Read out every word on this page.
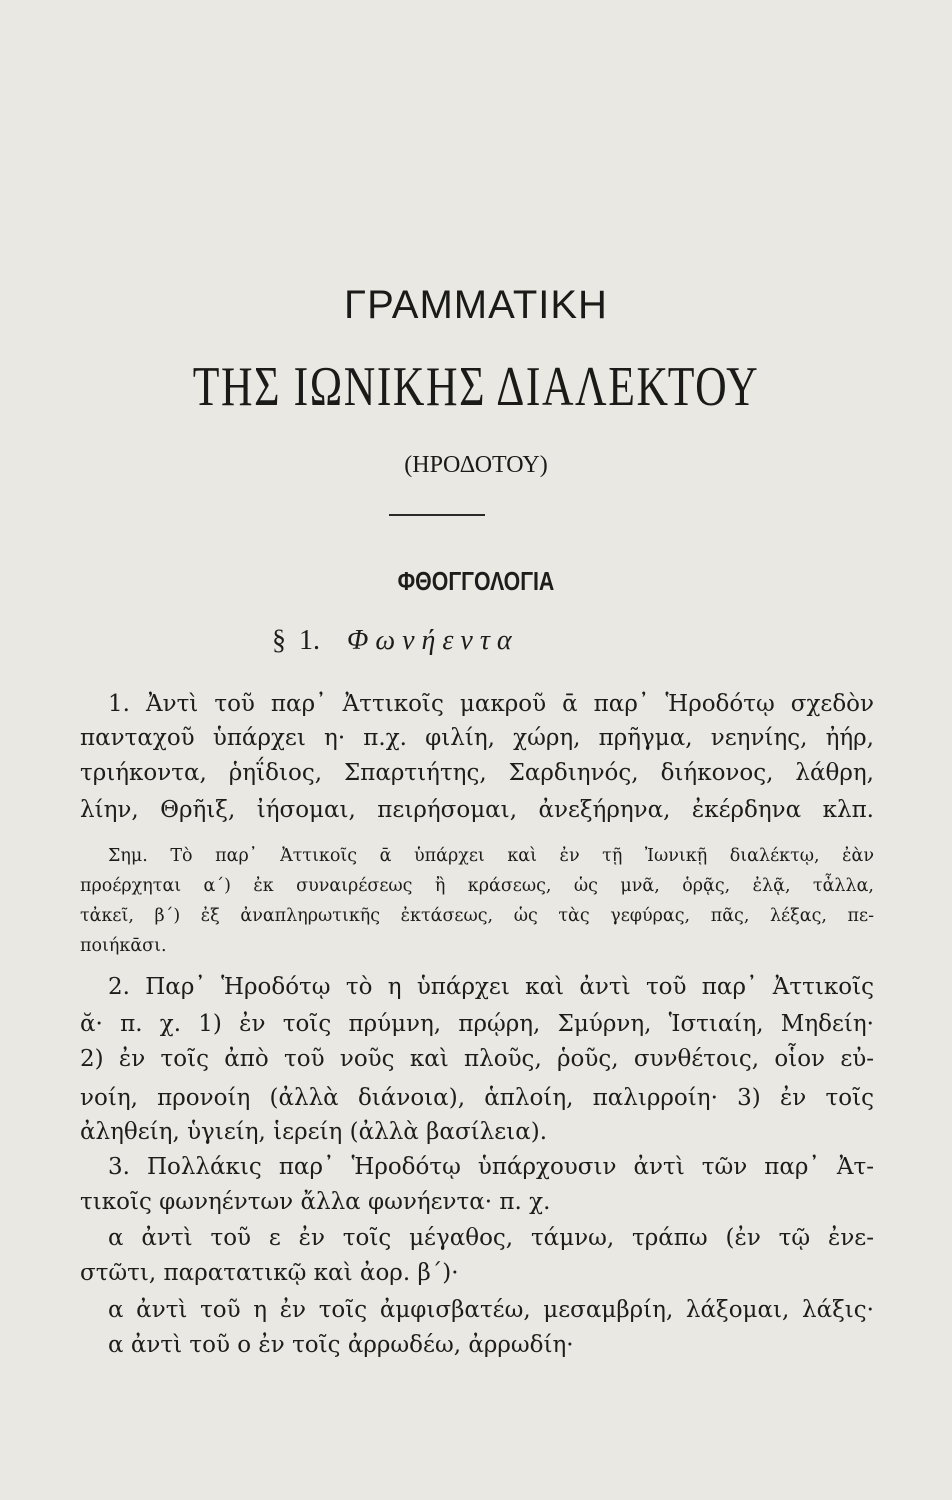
ΓΡΑΜΜΑΤΙΚΗ
ΤΗΣ ΙΩΝΙΚΗΣ ΔΙΑΛΕΚΤΟΥ
(ΗΡΟΔΟΤΟΥ)
ΦΘΟΓΓΟΛΟΓΙΑ
§ 1. Φωνήεντα
1. Ἀντὶ τοῦ παρ᾽ Ἀττικοῖς μακροῦ ᾱ παρ᾽ Ἡροδότῳ σχεδὸν
πανταχοῦ ὑπάρχει η· π.χ. φιλίη, χώρη, πρῆγμα, νεηνίης, ἠήρ,
τριήκοντα, ῥηΐδιος, Σπαρτιήτης, Σαρδιηνός, διήκονος, λάθρη,
λίην, Θρῆιξ, ἰήσομαι, πειρήσομαι, ἀνεξήρηνα, ἐκέρδηνα κλπ.
Σημ. Τὸ παρ᾽ Ἀττικοῖς ᾱ ὑπάρχει καὶ ἐν τῇ Ἰωνικῇ διαλέκτῳ, ἐὰν
προέρχηται α΄) ἐκ συναιρέσεως ἢ κράσεως, ὡς μνᾶ, ὁρᾷς, ἐλᾷ, τἆλλα,
τἀκεῖ, β΄) ἐξ ἀναπληρωτικῆς ἐκτάσεως, ὡς τὰς γεφύρας, πᾶς, λέξας, πε-
ποιήκᾱσι.
2. Παρ᾽ Ἡροδότῳ τὸ η ὑπάρχει καὶ ἀντὶ τοῦ παρ᾽ Ἀττικοῖς
ᾰ· π. χ. 1) ἐν τοῖς πρύμνη, πρῴρη, Σμύρνη, Ἱστιαίη, Μηδείη·
2) ἐν τοῖς ἀπὸ τοῦ νοῦς καὶ πλοῦς, ῥοῦς, συνθέτοις, οἷον εὐ-
νοίη, προνοίη (ἀλλὰ διάνοια), ἁπλοίη, παλιρροίη· 3) ἐν τοῖς
ἀληθείη, ὑγιείη, ἱερείη (ἀλλὰ βασίλεια).
3. Πολλάκις παρ᾽ Ἡροδότῳ ὑπάρχουσιν ἀντὶ τῶν παρ᾽ Ἀτ-
τικοῖς φωνηέντων ἄλλα φωνήεντα· π. χ.
α ἀντὶ τοῦ ε ἐν τοῖς μέγαθος, τάμνω, τράπω (ἐν τῷ ἐνε-
στῶτι, παρατατικῷ καὶ ἀορ. β΄)·
α ἀντὶ τοῦ η ἐν τοῖς ἀμφισβατέω, μεσαμβρίη, λάξομαι, λάξις·
α ἀντὶ τοῦ ο ἐν τοῖς ἀρρωδέω, ἀρρωδίη·
